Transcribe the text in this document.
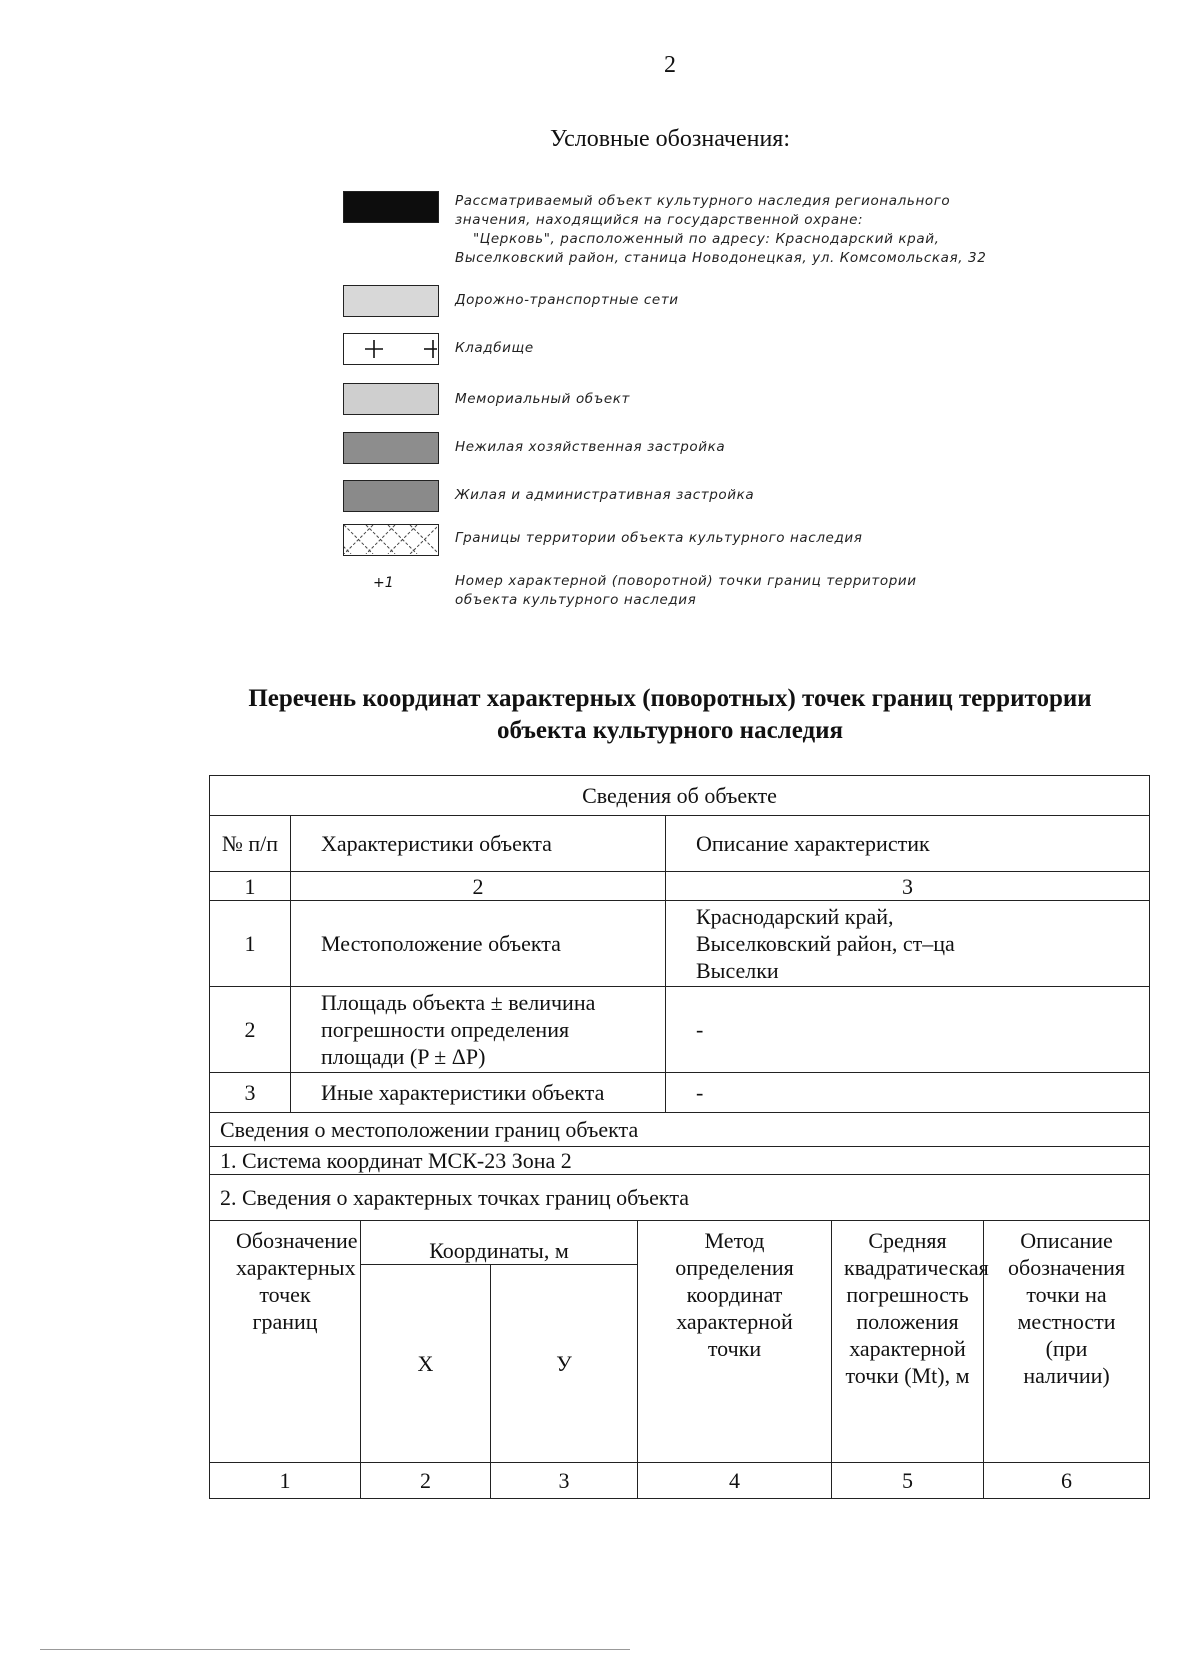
2
Условные обозначения:
Рассматриваемый объект культурного наследия регионального
значения, находящийся на государственной охране:
"Церковь", расположенный по адресу: Краснодарский край,
Выселковский район, станица Новодонецкая, ул. Комсомольская, 32
Дорожно-транспортные сети
Кладбище
Мемориальный объект
Нежилая хозяйственная застройка
Жилая и административная застройка
Границы территории объекта культурного наследия
+1	Номер характерной (поворотной) точки границ территории
объекта культурного наследия
Перечень координат характерных (поворотных) точек границ территории
объекта культурного наследия
Сведения об объекте							
№ п/п	Характеристики объекта				Описание характеристик		
1	2				3		
1	Местоположение объекта				Краснодарский край, Выселковский район, ст–ца Выселки		
2	Площадь объекта ± величина погрешности определения площади (P ± ΔP)				-		
3	Иные характеристики объекта				-		
Сведения о местоположении границ объекта							
1. Система координат МСК-23 Зона 2							
2. Сведения о характерных точках границ объекта							
Обозначение характерных точек границ		Координаты, м		Метод определения координат характерной точки		Средняя квадратическая погрешность положения характерной точки (Mt), м	Описание обозначения точки на местности (при наличии)
		X	У				
1		2	3	4		5	6
